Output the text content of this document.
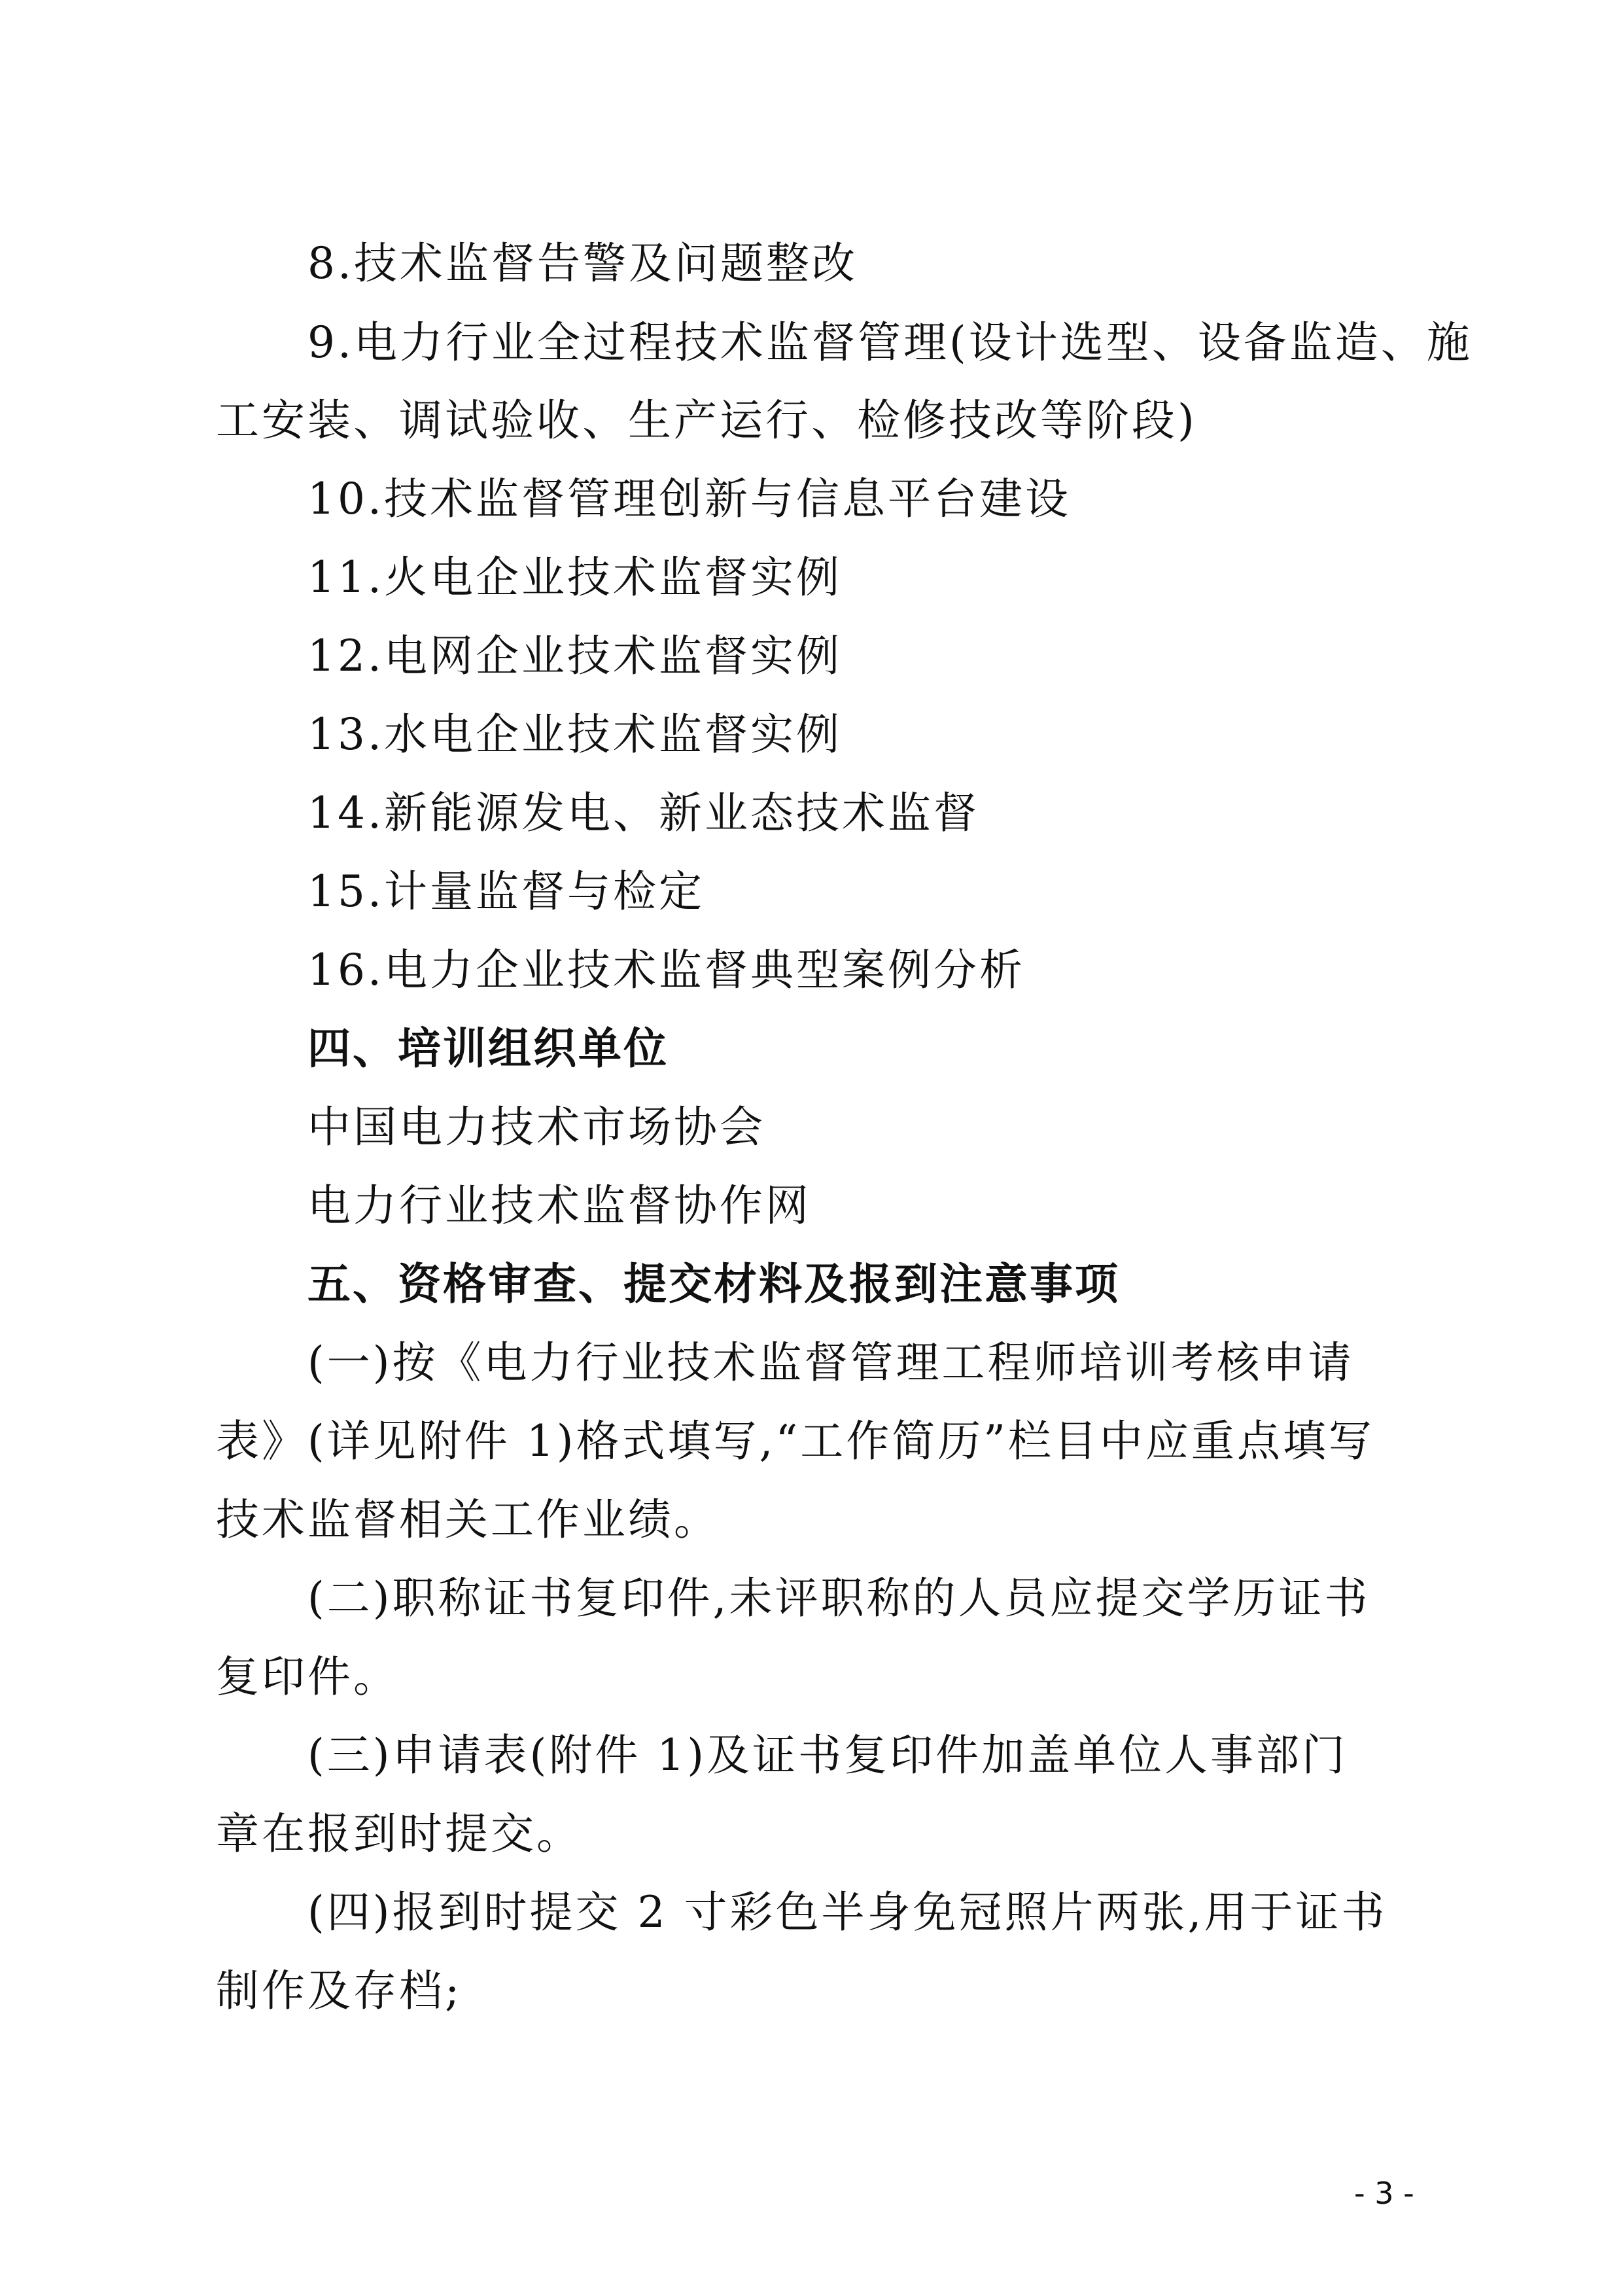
8.技术监督告警及问题整改
9.电力行业全过程技术监督管理(设计选型、设备监造、施
工安装、调试验收、生产运行、检修技改等阶段)
10.技术监督管理创新与信息平台建设
11.火电企业技术监督实例
12.电网企业技术监督实例
13.水电企业技术监督实例
14.新能源发电、新业态技术监督
15.计量监督与检定
16.电力企业技术监督典型案例分析
四、培训组织单位
中国电力技术市场协会
电力行业技术监督协作网
五、资格审查、提交材料及报到注意事项
(一)按《电力行业技术监督管理工程师培训考核申请
表》(详见附件 1)格式填写,“工作简历”栏目中应重点填写
技术监督相关工作业绩。
(二)职称证书复印件,未评职称的人员应提交学历证书
复印件。
(三)申请表(附件 1)及证书复印件加盖单位人事部门
章在报到时提交。
(四)报到时提交 2 寸彩色半身免冠照片两张,用于证书
制作及存档;
- 3 -
